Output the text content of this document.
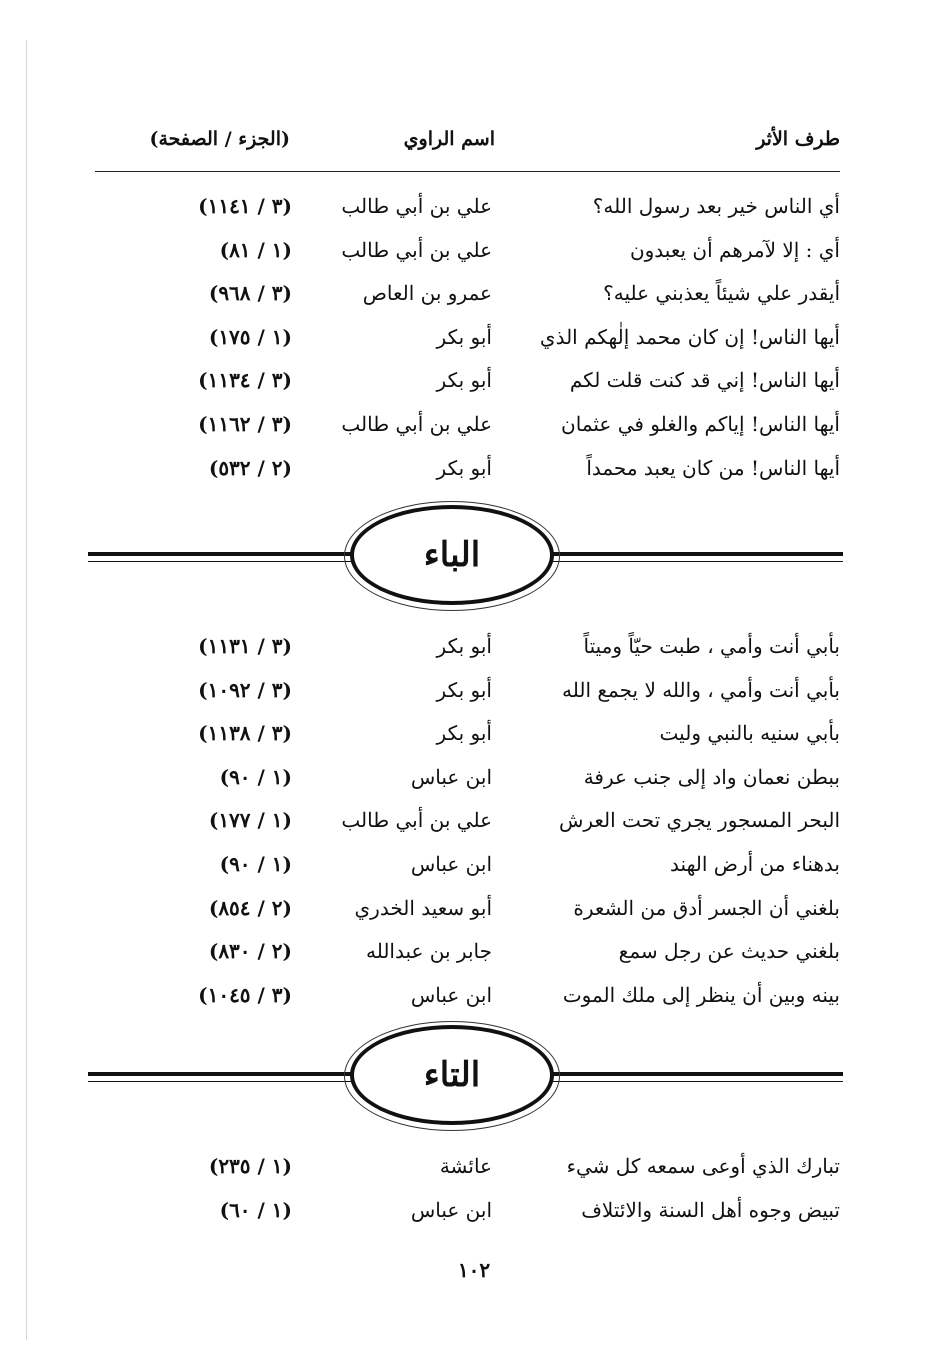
طرف الأثر
اسم الراوي
(الجزء / الصفحة)
أي الناس خير بعد رسول الله؟
علي بن أبي طالب
(٣ / ١١٤١)
أي : إلا لآمرهم أن يعبدون
علي بن أبي طالب
(١ / ٨١)
أيقدر علي شيئاً يعذبني عليه؟
عمرو بن العاص
(٣ / ٩٦٨)
أيها الناس! إن كان محمد إلٰهكم الذي
أبو بكر
(١ / ١٧٥)
أيها الناس! إني قد كنت قلت لكم
أبو بكر
(٣ / ١١٣٤)
أيها الناس! إياكم والغلو في عثمان
علي بن أبي طالب
(٣ / ١١٦٢)
أيها الناس! من كان يعبد محمداً
أبو بكر
(٢ / ٥٣٢)
الباء
بأبي أنت وأمي ، طبت حيّاً وميتاً
أبو بكر
(٣ / ١١٣١)
بأبي أنت وأمي ، والله لا يجمع الله
أبو بكر
(٣ / ١٠٩٢)
بأبي سنيه بالنبي وليت
أبو بكر
(٣ / ١١٣٨)
ببطن نعمان واد إلى جنب عرفة
ابن عباس
(١ / ٩٠)
البحر المسجور يجري تحت العرش
علي بن أبي طالب
(١ / ١٧٧)
بدهناء من أرض الهند
ابن عباس
(١ / ٩٠)
بلغني أن الجسر أدق من الشعرة
أبو سعيد الخدري
(٢ / ٨٥٤)
بلغني حديث عن رجل سمع
جابر بن عبدالله
(٢ / ٨٣٠)
بينه وبين أن ينظر إلى ملك الموت
ابن عباس
(٣ / ١٠٤٥)
التاء
تبارك الذي أوعى سمعه كل شيء
عائشة
(١ / ٢٣٥)
تبيض وجوه أهل السنة والائتلاف
ابن عباس
(١ / ٦٠)
١٠٢
